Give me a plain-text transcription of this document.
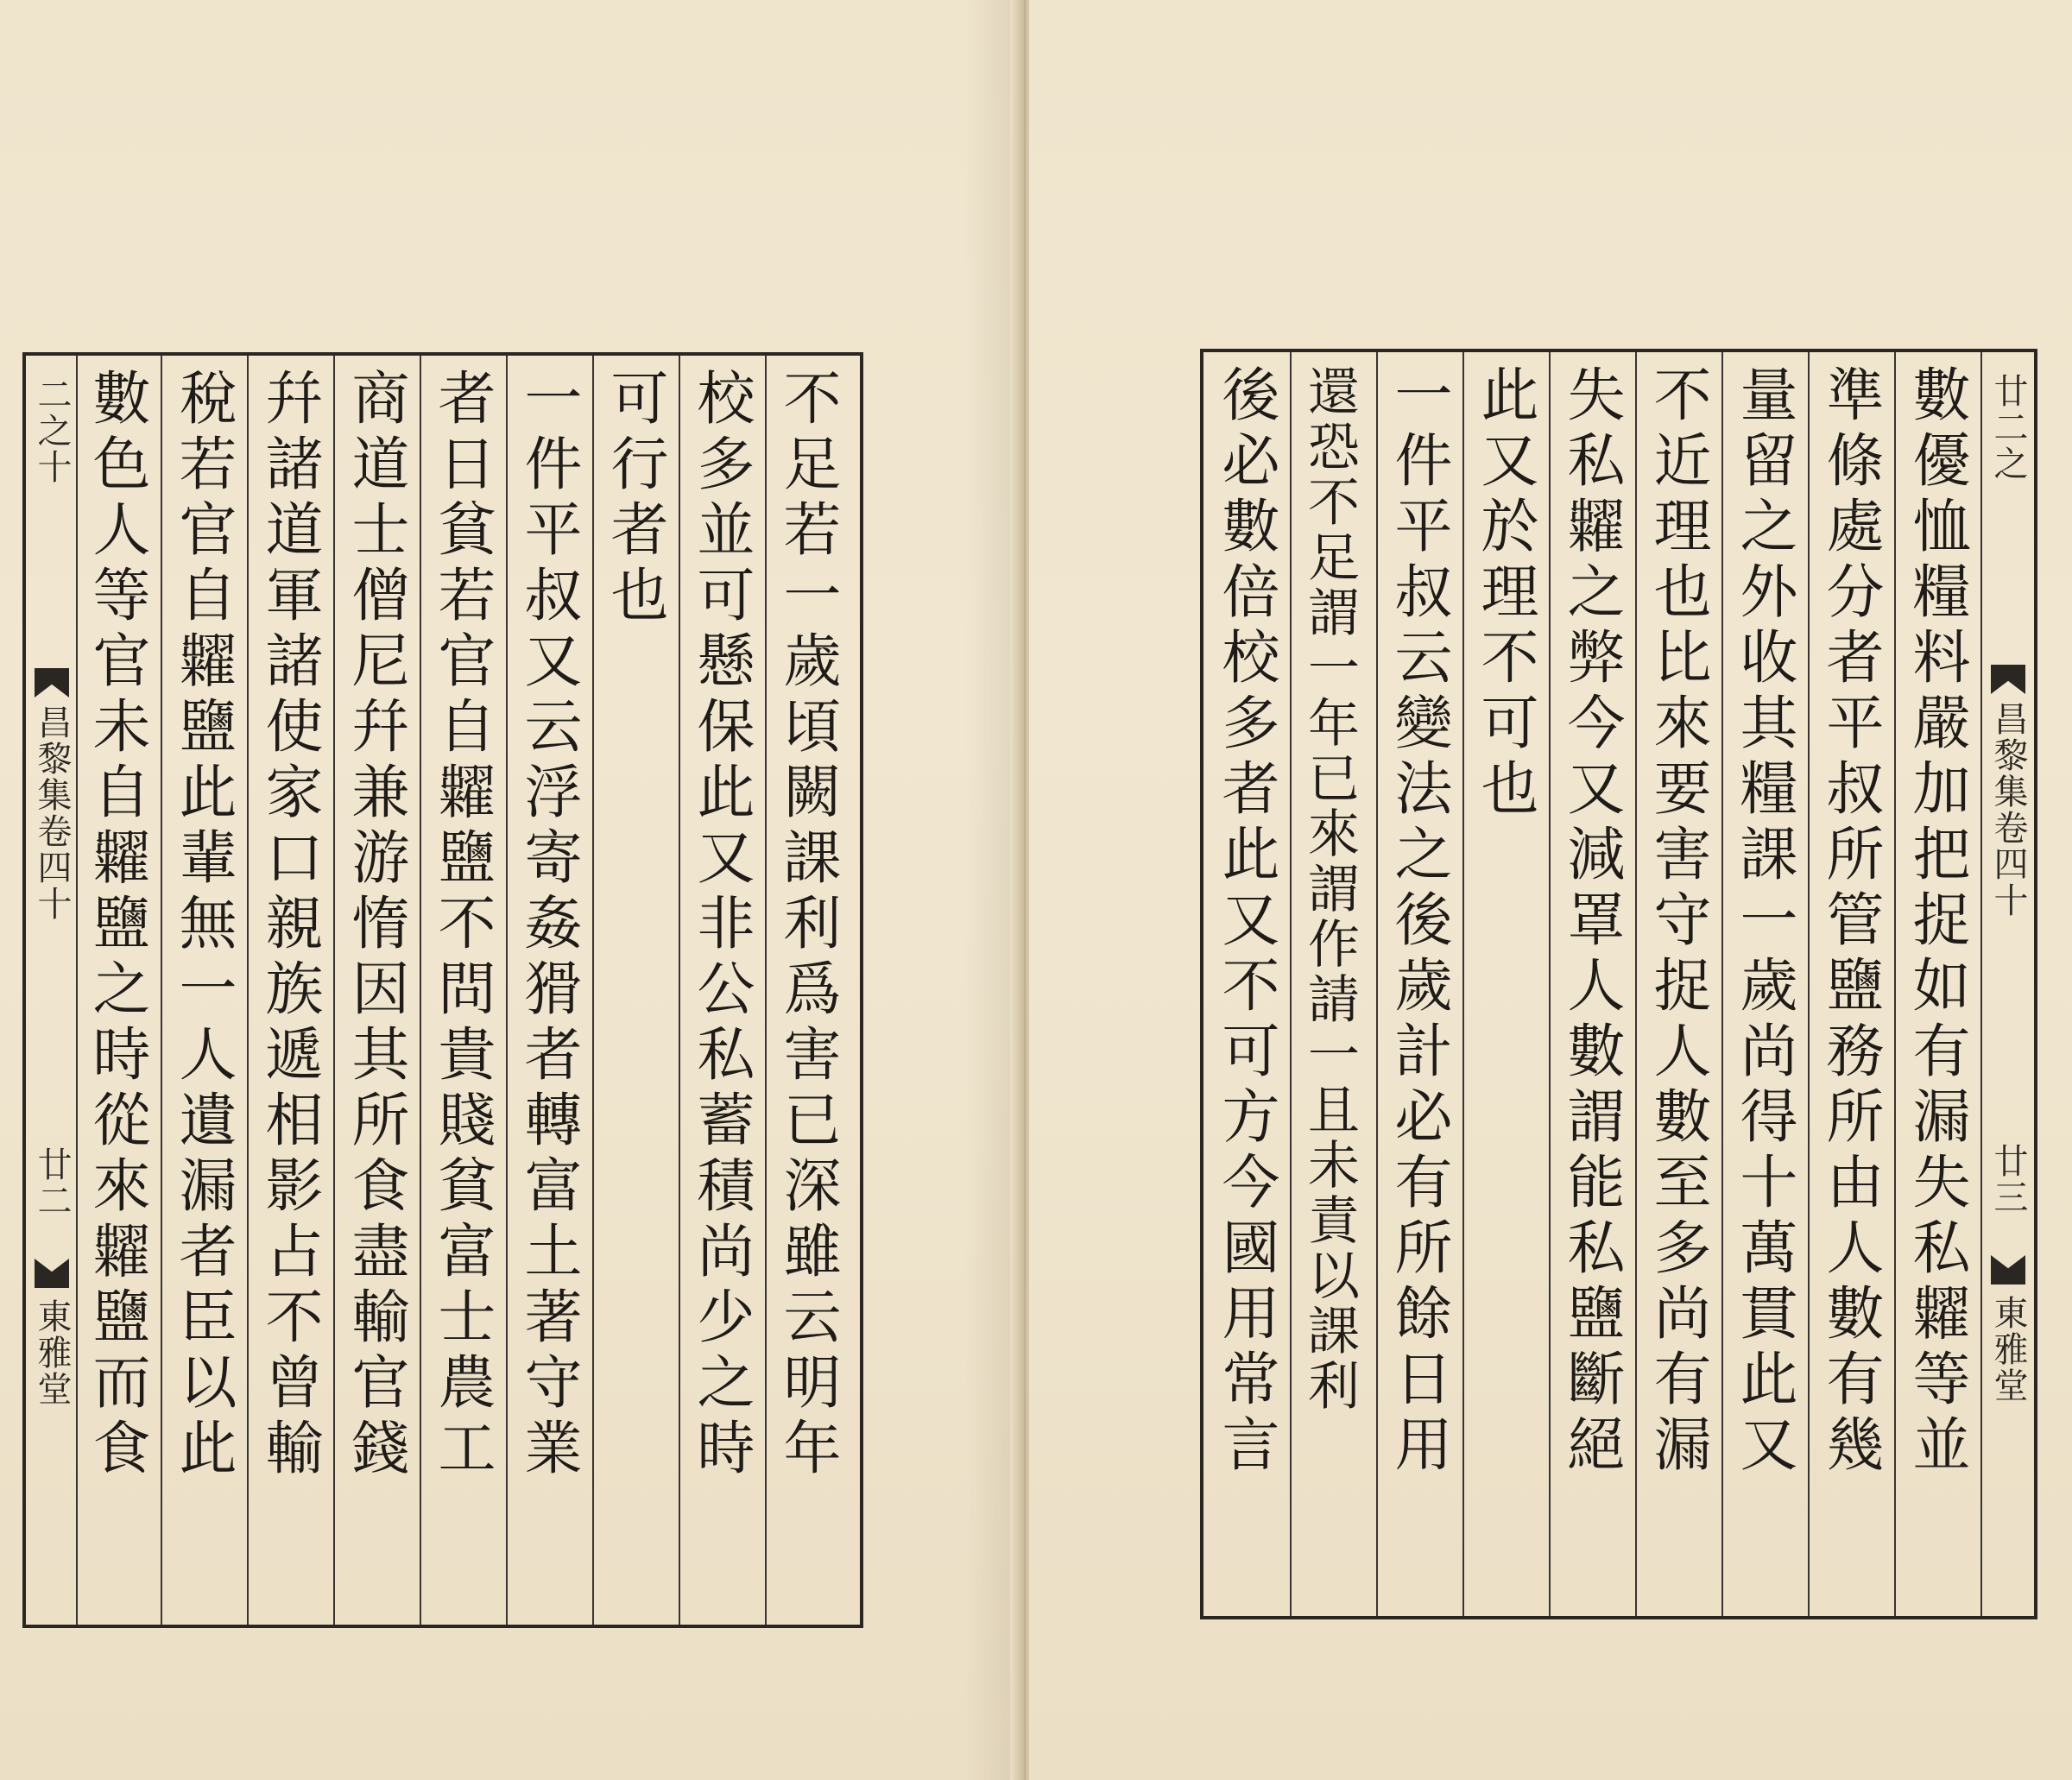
二之十
昌黎集卷四十
廿二
東雅堂	不足若一歲頃闕課利爲害已深雖云明年
校多並可懸保此又非公私蓄積尚少之時
可行者也
一件平叔又云浮寄姦猾者轉富土著守業
者日貧若官自糶鹽不問貴賤貧富士農工
商道士僧尼幷兼游惰因其所食盡輸官錢
幷諸道軍諸使家口親族遞相影占不曾輸
稅若官自糶鹽此輩無一人遺漏者臣以此
數色人等官未自糶鹽之時從來糶鹽而食	廿二之
昌黎集卷四十
廿三
東雅堂
數優恤糧料嚴加把捉如有漏失私糶等並
準條處分者平叔所管鹽務所由人數有幾
量留之外收其糧課一歲尚得十萬貫此又
不近理也比來要害守捉人數至多尚有漏
失私糶之弊今又減罩人數謂能私鹽斷絕
此又於理不可也
一件平叔云變法之後歲計必有所餘日用
還恐不足謂一年已來謂作請一且未責以課利
後必數倍校多者此又不可方今國用常言
